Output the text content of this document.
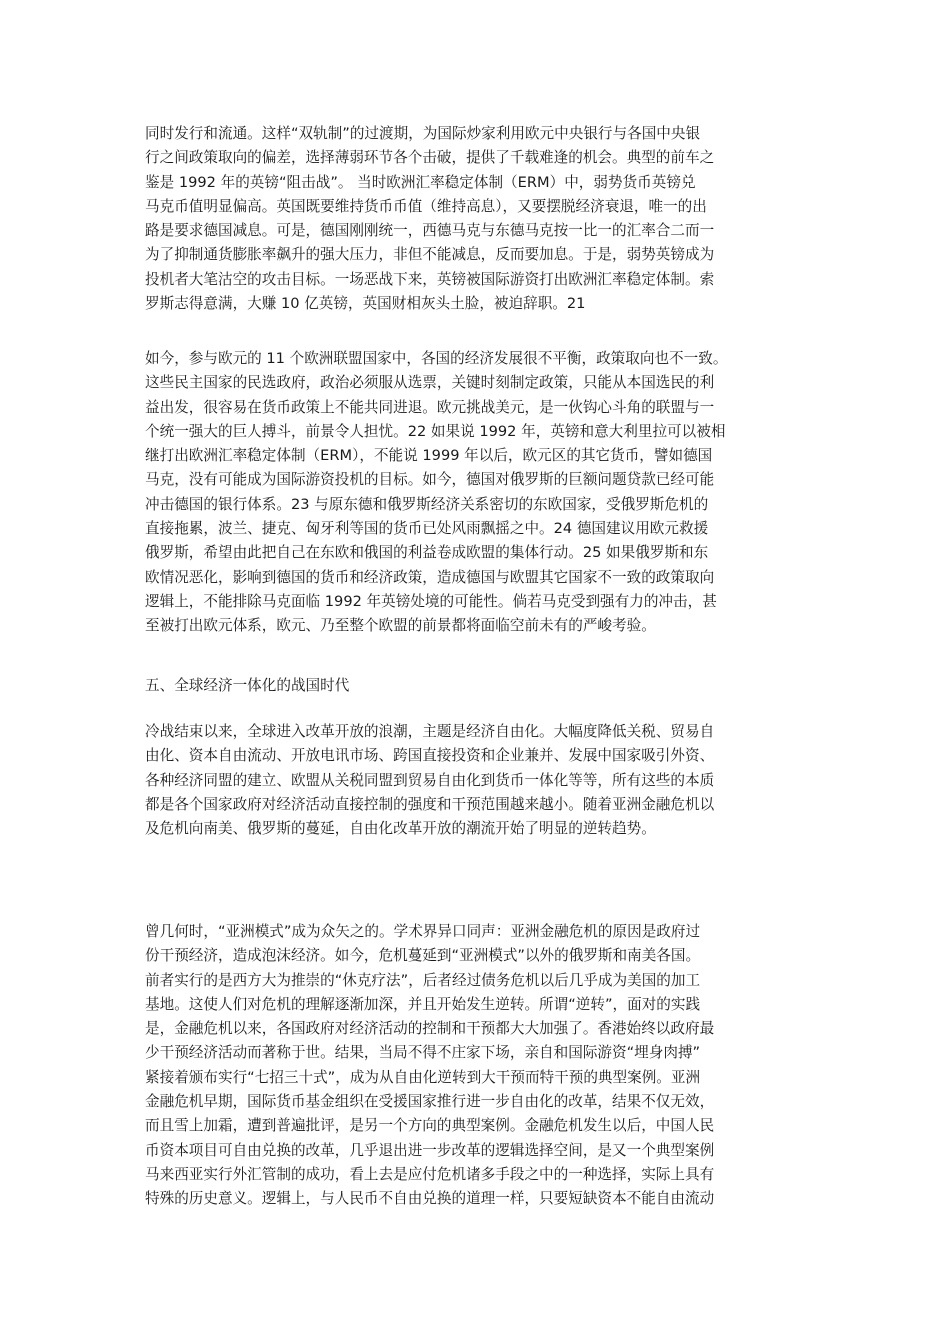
同时发行和流通。这样“双轨制”的过渡期，为国际炒家利用欧元中央银行与各国中央银
行之间政策取向的偏差，选择薄弱环节各个击破，提供了千载难逢的机会。典型的前车之
鉴是 1992 年的英镑“阻击战”。 当时欧洲汇率稳定体制（ERM）中，弱势货币英镑兑
马克币值明显偏高。英国既要维持货币币值（维持高息），又要摆脱经济衰退，唯一的出
路是要求德国减息。可是，德国刚刚统一，西德马克与东德马克按一比一的汇率合二而一
为了抑制通货膨胀率飙升的强大压力，非但不能减息，反而要加息。于是，弱势英镑成为
投机者大笔沽空的攻击目标。一场恶战下来，英镑被国际游资打出欧洲汇率稳定体制。索
罗斯志得意满，大赚 10 亿英镑，英国财相灰头土脸，被迫辞职。21
如今，参与欧元的 11 个欧洲联盟国家中，各国的经济发展很不平衡，政策取向也不一致。
这些民主国家的民选政府，政治必须服从选票，关键时刻制定政策，只能从本国选民的利
益出发，很容易在货币政策上不能共同进退。欧元挑战美元，是一伙钩心斗角的联盟与一
个统一强大的巨人搏斗，前景令人担忧。22 如果说 1992 年，英镑和意大利里拉可以被相
继打出欧洲汇率稳定体制（ERM），不能说 1999 年以后，欧元区的其它货币，譬如德国
马克，没有可能成为国际游资投机的目标。如今，德国对俄罗斯的巨额问题贷款已经可能
冲击德国的银行体系。23 与原东德和俄罗斯经济关系密切的东欧国家，受俄罗斯危机的
直接拖累，波兰、捷克、匈牙利等国的货币已处风雨飘摇之中。24 德国建议用欧元救援
俄罗斯，希望由此把自己在东欧和俄国的利益卷成欧盟的集体行动。25 如果俄罗斯和东
欧情况恶化，影响到德国的货币和经济政策，造成德国与欧盟其它国家不一致的政策取向
逻辑上，不能排除马克面临 1992 年英镑处境的可能性。倘若马克受到强有力的冲击，甚
至被打出欧元体系，欧元、乃至整个欧盟的前景都将面临空前未有的严峻考验。
五、全球经济一体化的战国时代
冷战结束以来，全球进入改革开放的浪潮，主题是经济自由化。大幅度降低关税、贸易自
由化、资本自由流动、开放电讯市场、跨国直接投资和企业兼并、发展中国家吸引外资、
各种经济同盟的建立、欧盟从关税同盟到贸易自由化到货币一体化等等，所有这些的本质
都是各个国家政府对经济活动直接控制的强度和干预范围越来越小。随着亚洲金融危机以
及危机向南美、俄罗斯的蔓延，自由化改革开放的潮流开始了明显的逆转趋势。
曾几何时，“亚洲模式”成为众矢之的。学术界异口同声：亚洲金融危机的原因是政府过
份干预经济，造成泡沫经济。如今，危机蔓延到“亚洲模式”以外的俄罗斯和南美各国。
前者实行的是西方大为推崇的“休克疗法”，后者经过债务危机以后几乎成为美国的加工
基地。这使人们对危机的理解逐渐加深，并且开始发生逆转。所谓“逆转”，面对的实践
是，金融危机以来，各国政府对经济活动的控制和干预都大大加强了。香港始终以政府最
少干预经济活动而著称于世。结果，当局不得不庄家下场，亲自和国际游资“埋身肉搏”
紧接着颁布实行“七招三十式”，成为从自由化逆转到大干预而特干预的典型案例。亚洲
金融危机早期，国际货币基金组织在受援国家推行进一步自由化的改革，结果不仅无效，
而且雪上加霜，遭到普遍批评，是另一个方向的典型案例。金融危机发生以后，中国人民
币资本项目可自由兑换的改革，几乎退出进一步改革的逻辑选择空间，是又一个典型案例
马来西亚实行外汇管制的成功，看上去是应付危机诸多手段之中的一种选择，实际上具有
特殊的历史意义。逻辑上，与人民币不自由兑换的道理一样，只要短缺资本不能自由流动
